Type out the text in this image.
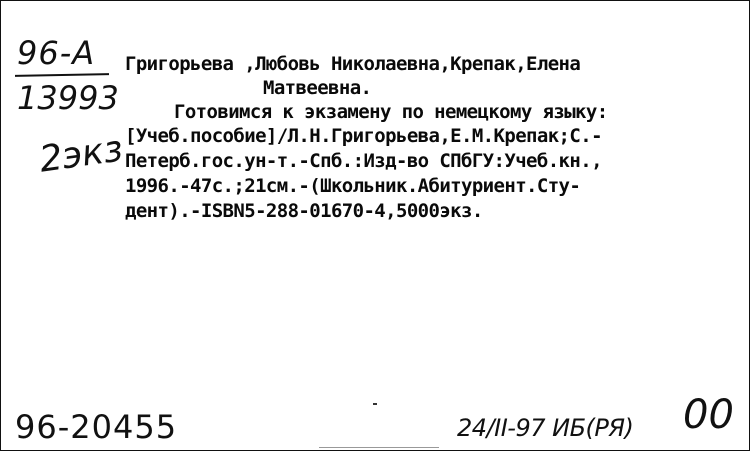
96-А
13993
2экз
Григорьева ,Любовь Николаевна,Крепак,Елена
Матвеевна.
Готовимся к экзамену по немецкому языку:
[Учеб.пособие]/Л.Н.Григорьева,Е.М.Крепак;С.-
Петерб.гос.ун-т.-Спб.:Изд-во СПбГУ:Учеб.кн.,
1996.-47с.;21см.-(Школьник.Абитуриент.Сту-
дент).-ISBN5-288-01670-4,5000экз.
96-20455	24/II-97 ИБ(РЯ) 00
